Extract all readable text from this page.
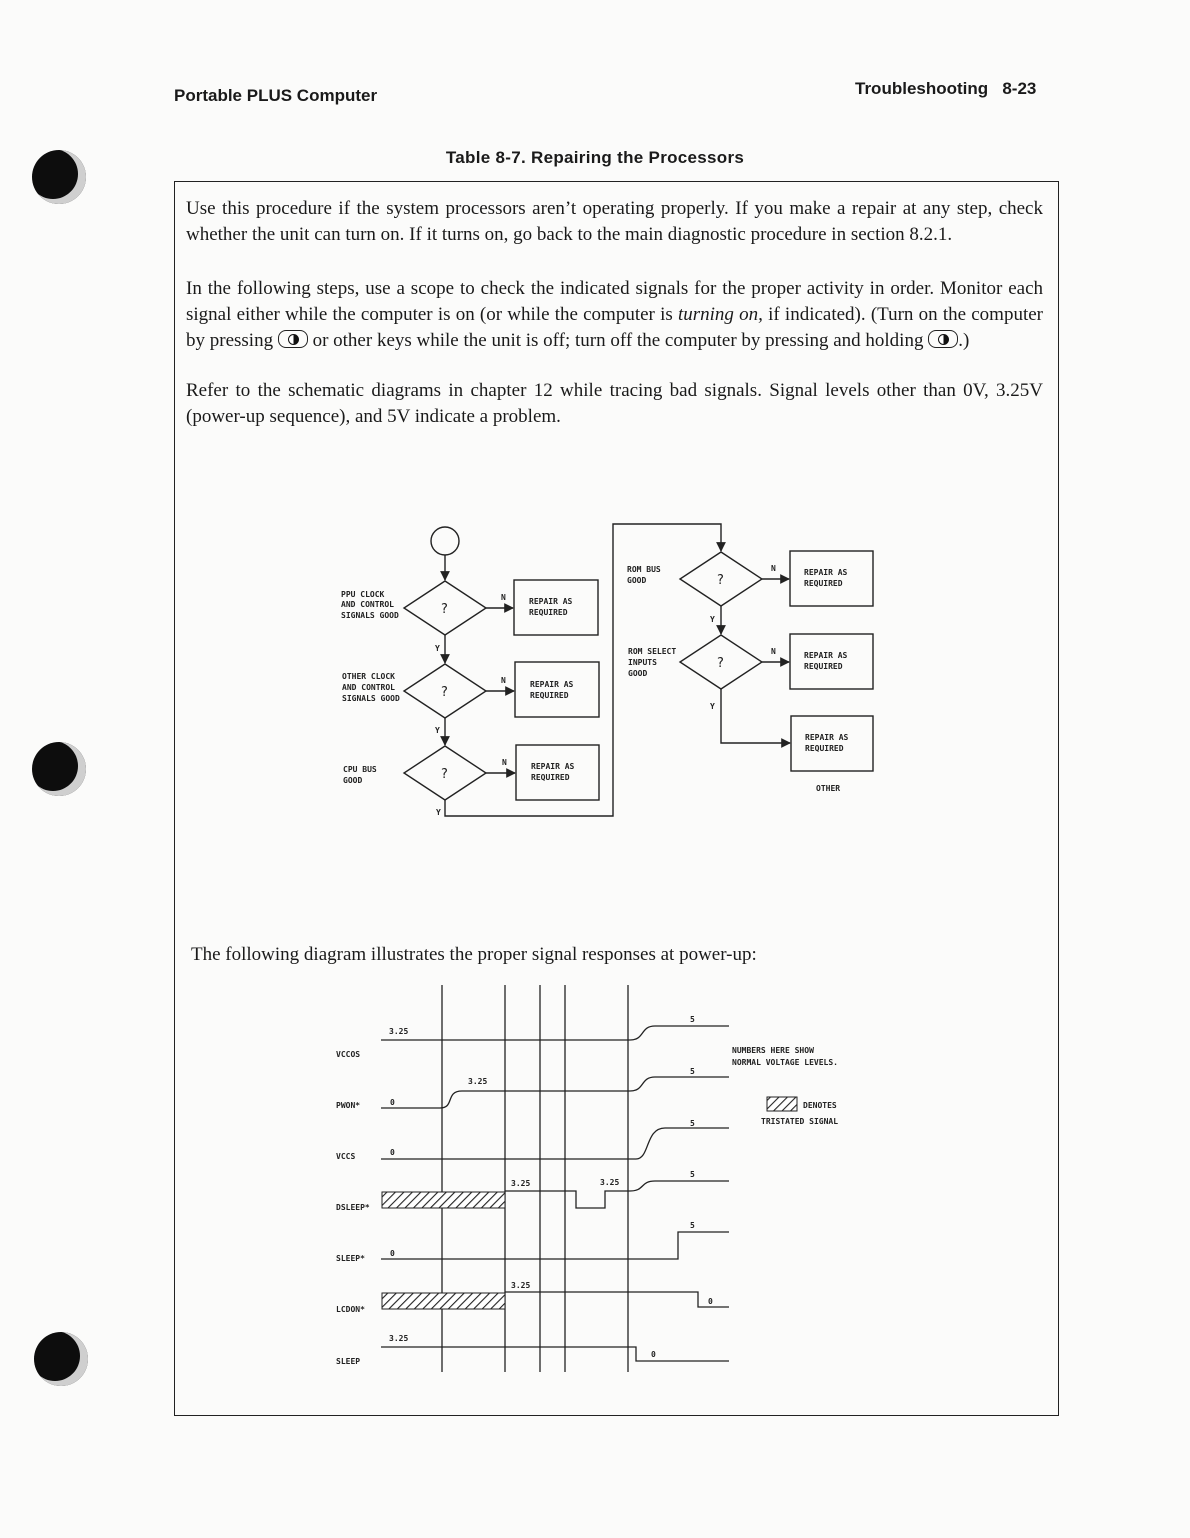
Portable PLUS Computer	Troubleshooting   8-23
Table 8-7. Repairing the Processors

Use this procedure if the system processors aren’t operating properly. If you make a repair at any step, check whether the unit can turn on. If it turns on, go back to the main diagnostic procedure in section 8.2.1.

In the following steps, use a scope to check the indicated signals for the proper activity in order. Monitor each signal either while the computer is on (or while the computer is turning on, if indicated). (Turn on the computer by pressing  or other keys while the unit is off; turn off the computer by pressing and holding .)

Refer to the schematic diagrams in chapter 12 while tracing bad signals. Signal levels other than 0V, 3.25V (power-up sequence), and 5V indicate a problem.

?
?
?
?
?
N
N
N
N
N
Y
Y
Y
Y
Y
REPAIR AS
REQUIRED
REPAIR AS
REQUIRED
REPAIR AS
REQUIRED
REPAIR AS
REQUIRED
REPAIR AS
REQUIRED
REPAIR AS
REQUIRED
PPU CLOCK
AND CONTROL
SIGNALS GOOD
OTHER CLOCK
AND CONTROL
SIGNALS GOOD
CPU BUS
GOOD
ROM BUS
GOOD
ROM SELECT
INPUTS
GOOD
OTHER
The following diagram illustrates the proper signal responses at power-up:
VCCOS
PWON*
VCCS
DSLEEP*
SLEEP*
LCDON*
SLEEP
3.25
5
0
3.25
5
0
5
3.25	3.25
5
0
5
3.25
0
3.25
0
NUMBERS HERE SHOW
NORMAL VOLTAGE LEVELS.
DENOTES
TRISTATED SIGNAL
